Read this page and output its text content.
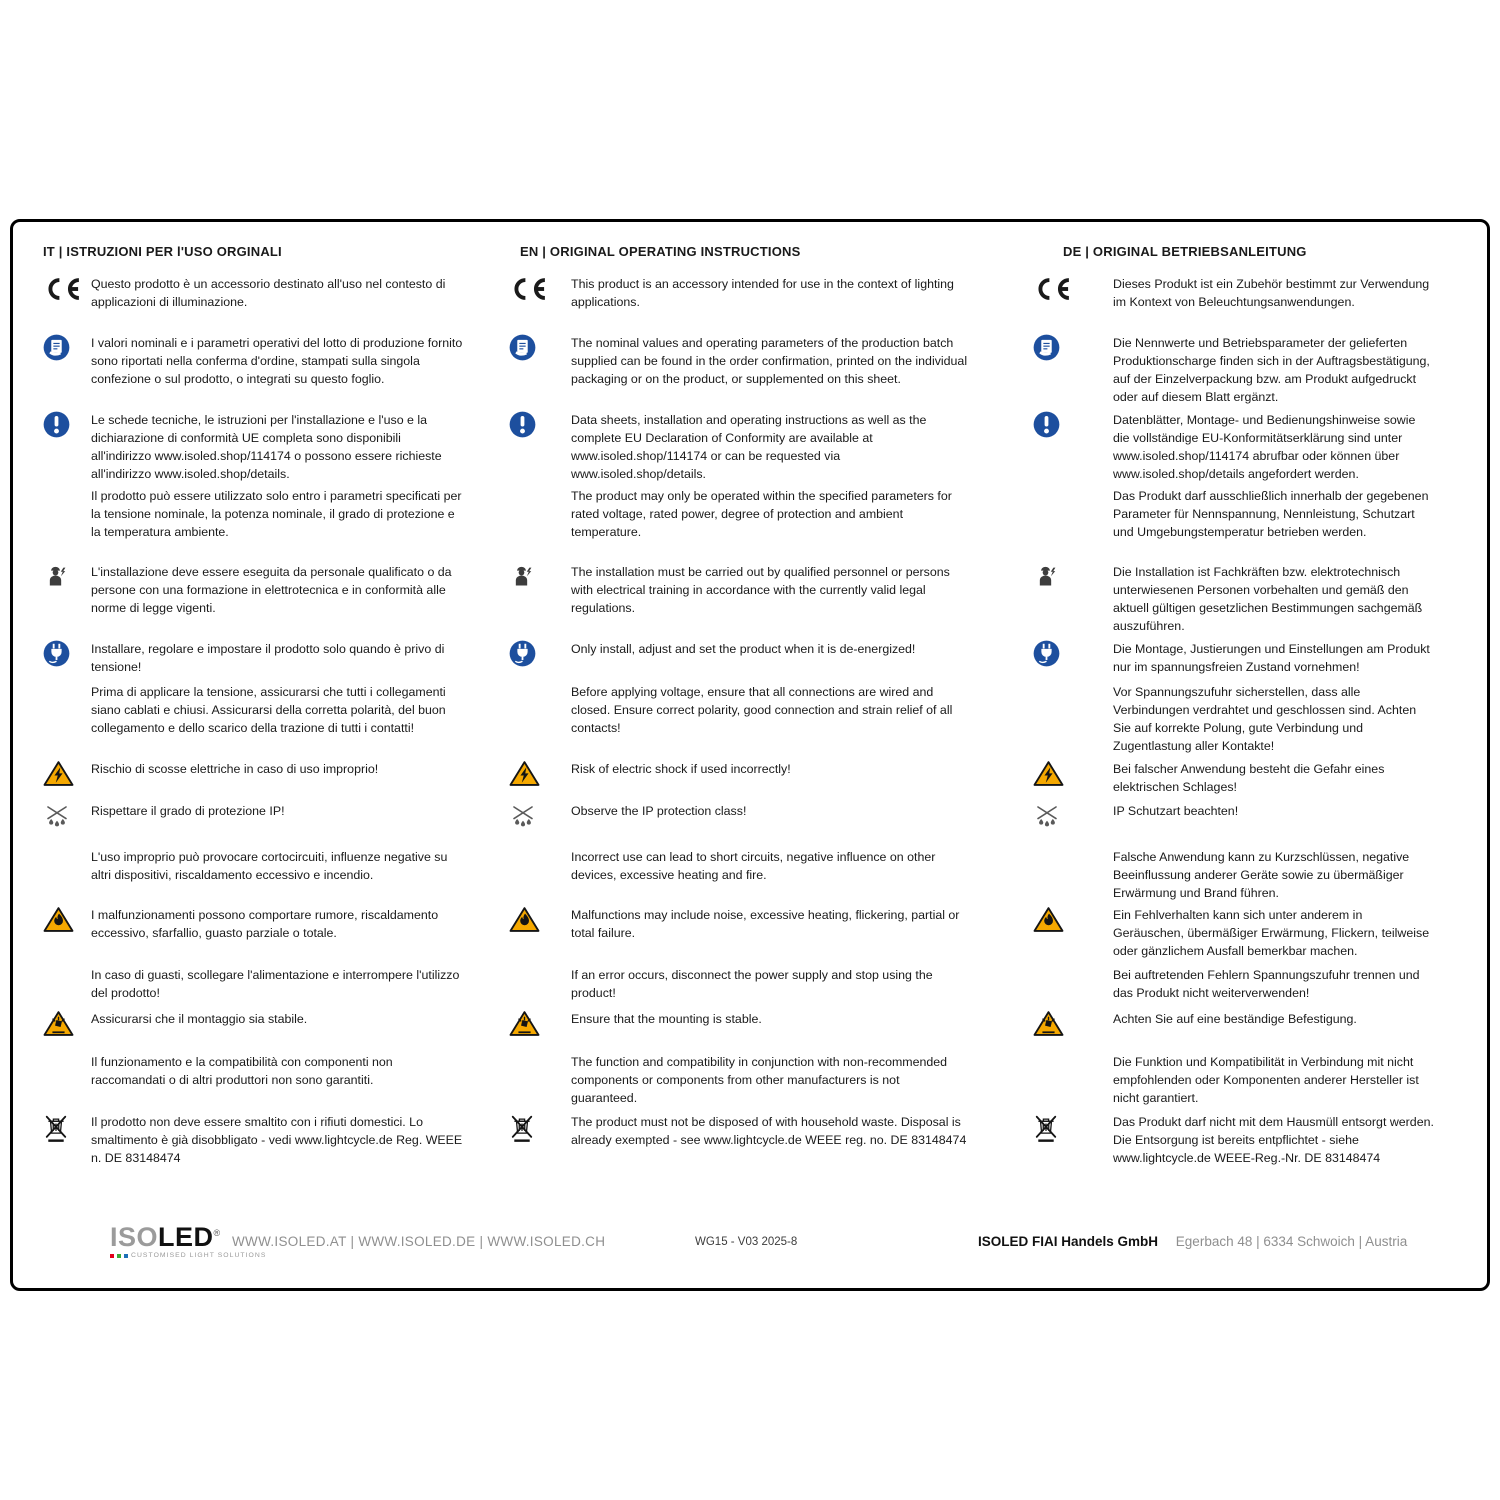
IT | ISTRUZIONI PER l'USO ORGINALI
Questo prodotto è un accessorio destinato all'uso nel contesto di applicazioni di illuminazione.
I valori nominali e i parametri operativi del lotto di produzione fornito sono riportati nella conferma d'ordine, stampati sulla singola confezione o sul prodotto, o integrati su questo foglio.
Le schede tecniche, le istruzioni per l'installazione e l'uso e la dichiarazione di conformità UE completa sono disponibili all'indirizzo www.isoled.shop/114174 o possono essere richieste all'indirizzo www.isoled.shop/details.
Il prodotto può essere utilizzato solo entro i parametri specificati per la tensione nominale, la potenza nominale, il grado di protezione e la temperatura ambiente.
L'installazione deve essere eseguita da personale qualificato o da persone con una formazione in elettrotecnica e in conformità alle norme di legge vigenti.
Installare, regolare e impostare il prodotto solo quando è privo di tensione!
Prima di applicare la tensione, assicurarsi che tutti i collegamenti siano cablati e chiusi. Assicurarsi della corretta polarità, del buon collegamento e dello scarico della trazione di tutti i contatti!
Rischio di scosse elettriche in caso di uso improprio!
Rispettare il grado di protezione IP!
L'uso improprio può provocare cortocircuiti, influenze negative su altri dispositivi, riscaldamento eccessivo e incendio.
I malfunzionamenti possono comportare rumore, riscaldamento eccessivo, sfarfallio, guasto parziale o totale.
In caso di guasti, scollegare l'alimentazione e interrompere l'utilizzo del prodotto!
Assicurarsi che il montaggio sia stabile.
Il funzionamento e la compatibilità con componenti non raccomandati o di altri produttori non sono garantiti.
Il prodotto non deve essere smaltito con i rifiuti domestici. Lo smaltimento è già disobbligato - vedi www.lightcycle.de Reg. WEEE n. DE 83148474
EN | ORIGINAL OPERATING INSTRUCTIONS
This product is an accessory intended for use in the context of lighting applications.
The nominal values and operating parameters of the production batch supplied can be found in the order confirmation, printed on the individual packaging or on the product, or supplemented on this sheet.
Data sheets, installation and operating instructions as well as the complete EU Declaration of Conformity are available at www.isoled.shop/114174 or can be requested via www.isoled.shop/details.
The product may only be operated within the specified parameters for rated voltage, rated power, degree of protection and ambient temperature.
The installation must be carried out by qualified personnel or persons with electrical training in accordance with the currently valid legal regulations.
Only install, adjust and set the product when it is de-energized!
Before applying voltage, ensure that all connections are wired and closed. Ensure correct polarity, good connection and strain relief of all contacts!
Risk of electric shock if used incorrectly!
Observe the IP protection class!
Incorrect use can lead to short circuits, negative influence on other devices, excessive heating and fire.
Malfunctions may include noise, excessive heating, flickering, partial or total failure.
If an error occurs, disconnect the power supply and stop using the product!
Ensure that the mounting is stable.
The function and compatibility in conjunction with non-recommended components or components from other manufacturers is not guaranteed.
The product must not be disposed of with household waste. Disposal is already exempted - see www.lightcycle.de WEEE reg. no. DE 83148474
DE | ORIGINAL BETRIEBSANLEITUNG
Dieses Produkt ist ein Zubehör bestimmt zur Verwendung im Kontext von Beleuchtungsanwendungen.
Die Nennwerte und Betriebsparameter der gelieferten Produktionscharge finden sich in der Auftragsbestätigung, auf der Einzelverpackung bzw. am Produkt aufgedruckt oder auf diesem Blatt ergänzt.
Datenblätter, Montage- und Bedienungshinweise sowie die vollständige EU-Konformitätserklärung sind unter www.isoled.shop/114174 abrufbar oder können über www.isoled.shop/details angefordert werden.
Das Produkt darf ausschließlich innerhalb der gegebenen Parameter für Nennspannung, Nennleistung, Schutzart und Umgebungstemperatur betrieben werden.
Die Installation ist Fachkräften bzw. elektrotechnisch unterwiesenen Personen vorbehalten und gemäß den aktuell gültigen gesetzlichen Bestimmungen sachgemäß auszuführen.
Die Montage, Justierungen und Einstellungen am Produkt nur im spannungsfreien Zustand vornehmen!
Vor Spannungszufuhr sicherstellen, dass alle Verbindungen verdrahtet und geschlossen sind. Achten Sie auf korrekte Polung, gute Verbindung und Zugentlastung aller Kontakte!
Bei falscher Anwendung besteht die Gefahr eines elektrischen Schlages!
IP Schutzart beachten!
Falsche Anwendung kann zu Kurzschlüssen, negative Beeinflussung anderer Geräte sowie zu übermäßiger Erwärmung und Brand führen.
Ein Fehlverhalten kann sich unter anderem in Geräuschen, übermäßiger Erwärmung, Flickern, teilweise oder gänzlichem Ausfall bemerkbar machen.
Bei auftretenden Fehlern Spannungszufuhr trennen und das Produkt nicht weiterverwenden!
Achten Sie auf eine beständige Befestigung.
Die Funktion und Kompatibilität in Verbindung mit nicht empfohlenden oder Komponenten anderer Hersteller ist nicht garantiert.
Das Produkt darf nicht mit dem Hausmüll entsorgt werden. Die Entsorgung ist bereits entpflichtet - siehe www.lightcycle.de WEEE-Reg.-Nr. DE 83148474
ISOLED®
CUSTOMISED LIGHT SOLUTIONS
WWW.ISOLED.AT | WWW.ISOLED.DE | WWW.ISOLED.CH	WG15 - V03 2025-8	ISOLED FIAI Handels GmbH Egerbach 48 | 6334 Schwoich | Austria
